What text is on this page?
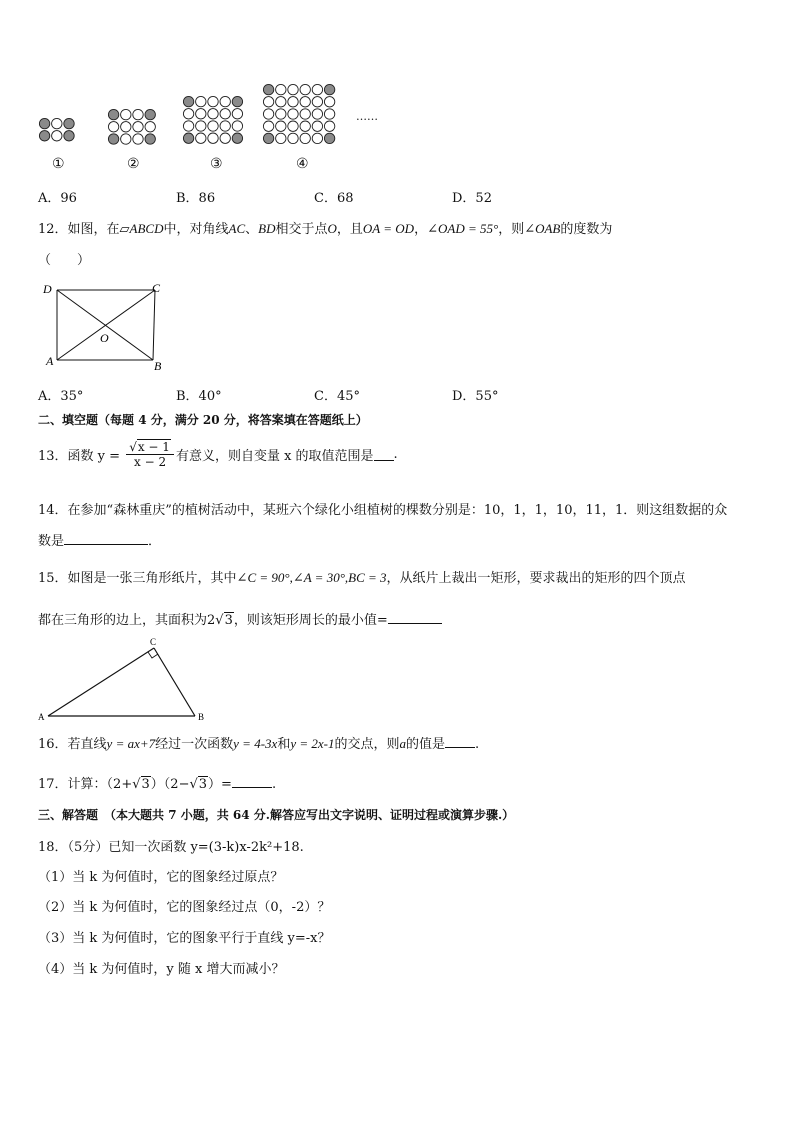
①	②	③	④
……
A．96	B．86	C．68	D．52
12．如图，在▱ABCD中，对角线AC、BD相交于点O，且OA = OD，∠OAD = 55°，则∠OAB的度数为
（　　）
D	C
A	B
O
A．35°	B．40°	C．45°	D．55°
二、填空题（每题 4 分，满分 20 分，将答案填在答题纸上）
13．函数 $y = \frac{√x - 1}{x - 2}$ 有意义，则自变量 x 的取值范围是 .
14．在参加“森林重庆”的植树活动中，某班六个绿化小组植树的棵数分别是：10，1，1，10，11，1．则这组数据的众
数是	．
15．如图是一张三角形纸片，其中∠C = 90°,∠A = 30°,BC = 3，从纸片上裁出一矩形，要求裁出的矩形的四个顶点
都在三角形的边上，其面积为2√3，则该矩形周长的最小值=
C
A	B
16．若直线y = ax+7经过一次函数y = 4-3x和y = 2x-1的交点，则a的值是 .
17．计算：（2+√3）（2−√3）=	.
三、解答题 （本大题共 7 小题，共 64 分.解答应写出文字说明、证明过程或演算步骤.）
18．（5分）已知一次函数 y=(3-k)x-2k²+18.
（1）当 k 为何值时，它的图象经过原点？
（2）当 k 为何值时，它的图象经过点（0，-2）？
（3）当 k 为何值时，它的图象平行于直线 y=-x？
（4）当 k 为何值时，y 随 x 增大而减小？
